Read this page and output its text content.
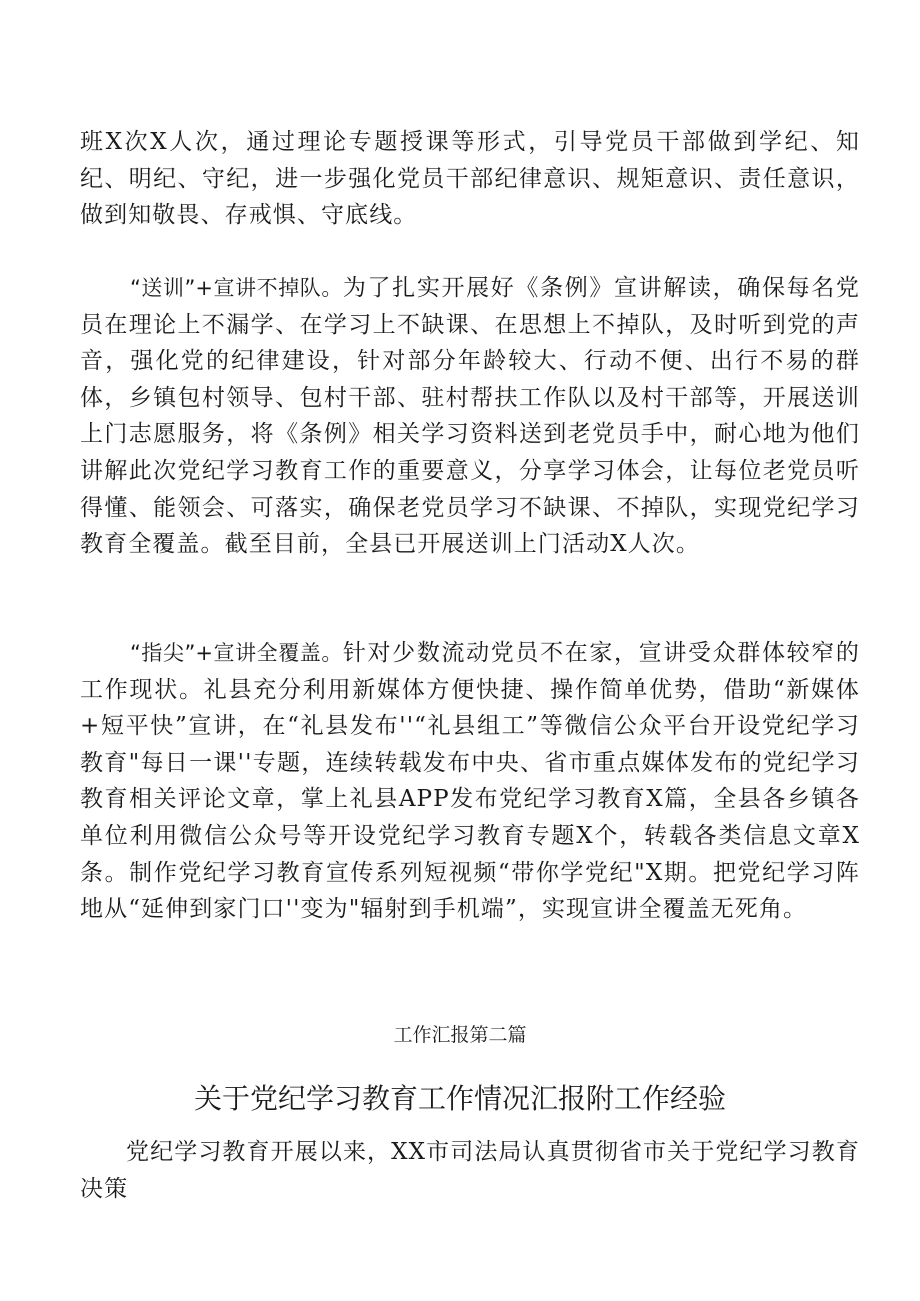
班X次X人次，通过理论专题授课等形式，引导党员干部做到学纪、知纪、明纪、守纪，进一步强化党员干部纪律意识、规矩意识、责任意识，做到知敬畏、存戒惧、守底线。

“送训”+宣讲不掉队。为了扎实开展好《条例》宣讲解读，确保每名党员在理论上不漏学、在学习上不缺课、在思想上不掉队，及时听到党的声音，强化党的纪律建设，针对部分年龄较大、行动不便、出行不易的群体，乡镇包村领导、包村干部、驻村帮扶工作队以及村干部等，开展送训上门志愿服务，将《条例》相关学习资料送到老党员手中，耐心地为他们讲解此次党纪学习教育工作的重要意义，分享学习体会，让每位老党员听得懂、能领会、可落实，确保老党员学习不缺课、不掉队，实现党纪学习教育全覆盖。截至目前，全县已开展送训上门活动X人次。

“指尖”+宣讲全覆盖。针对少数流动党员不在家，宣讲受众群体较窄的工作现状。礼县充分利用新媒体方便快捷、操作简单优势，借助“新媒体+短平快”宣讲，在“礼县发布''“礼县组工”等微信公众平台开设党纪学习教育"每日一课''专题，连续转载发布中央、省市重点媒体发布的党纪学习教育相关评论文章，掌上礼县APP发布党纪学习教育X篇，全县各乡镇各单位利用微信公众号等开设党纪学习教育专题X个，转载各类信息文章X条。制作党纪学习教育宣传系列短视频“带你学党纪"X期。把党纪学习阵地从“延伸到家门口''变为"辐射到手机端”，实现宣讲全覆盖无死角。

工作汇报第二篇

关于党纪学习教育工作情况汇报附工作经验

党纪学习教育开展以来，XX市司法局认真贯彻省市关于党纪学习教育决策
